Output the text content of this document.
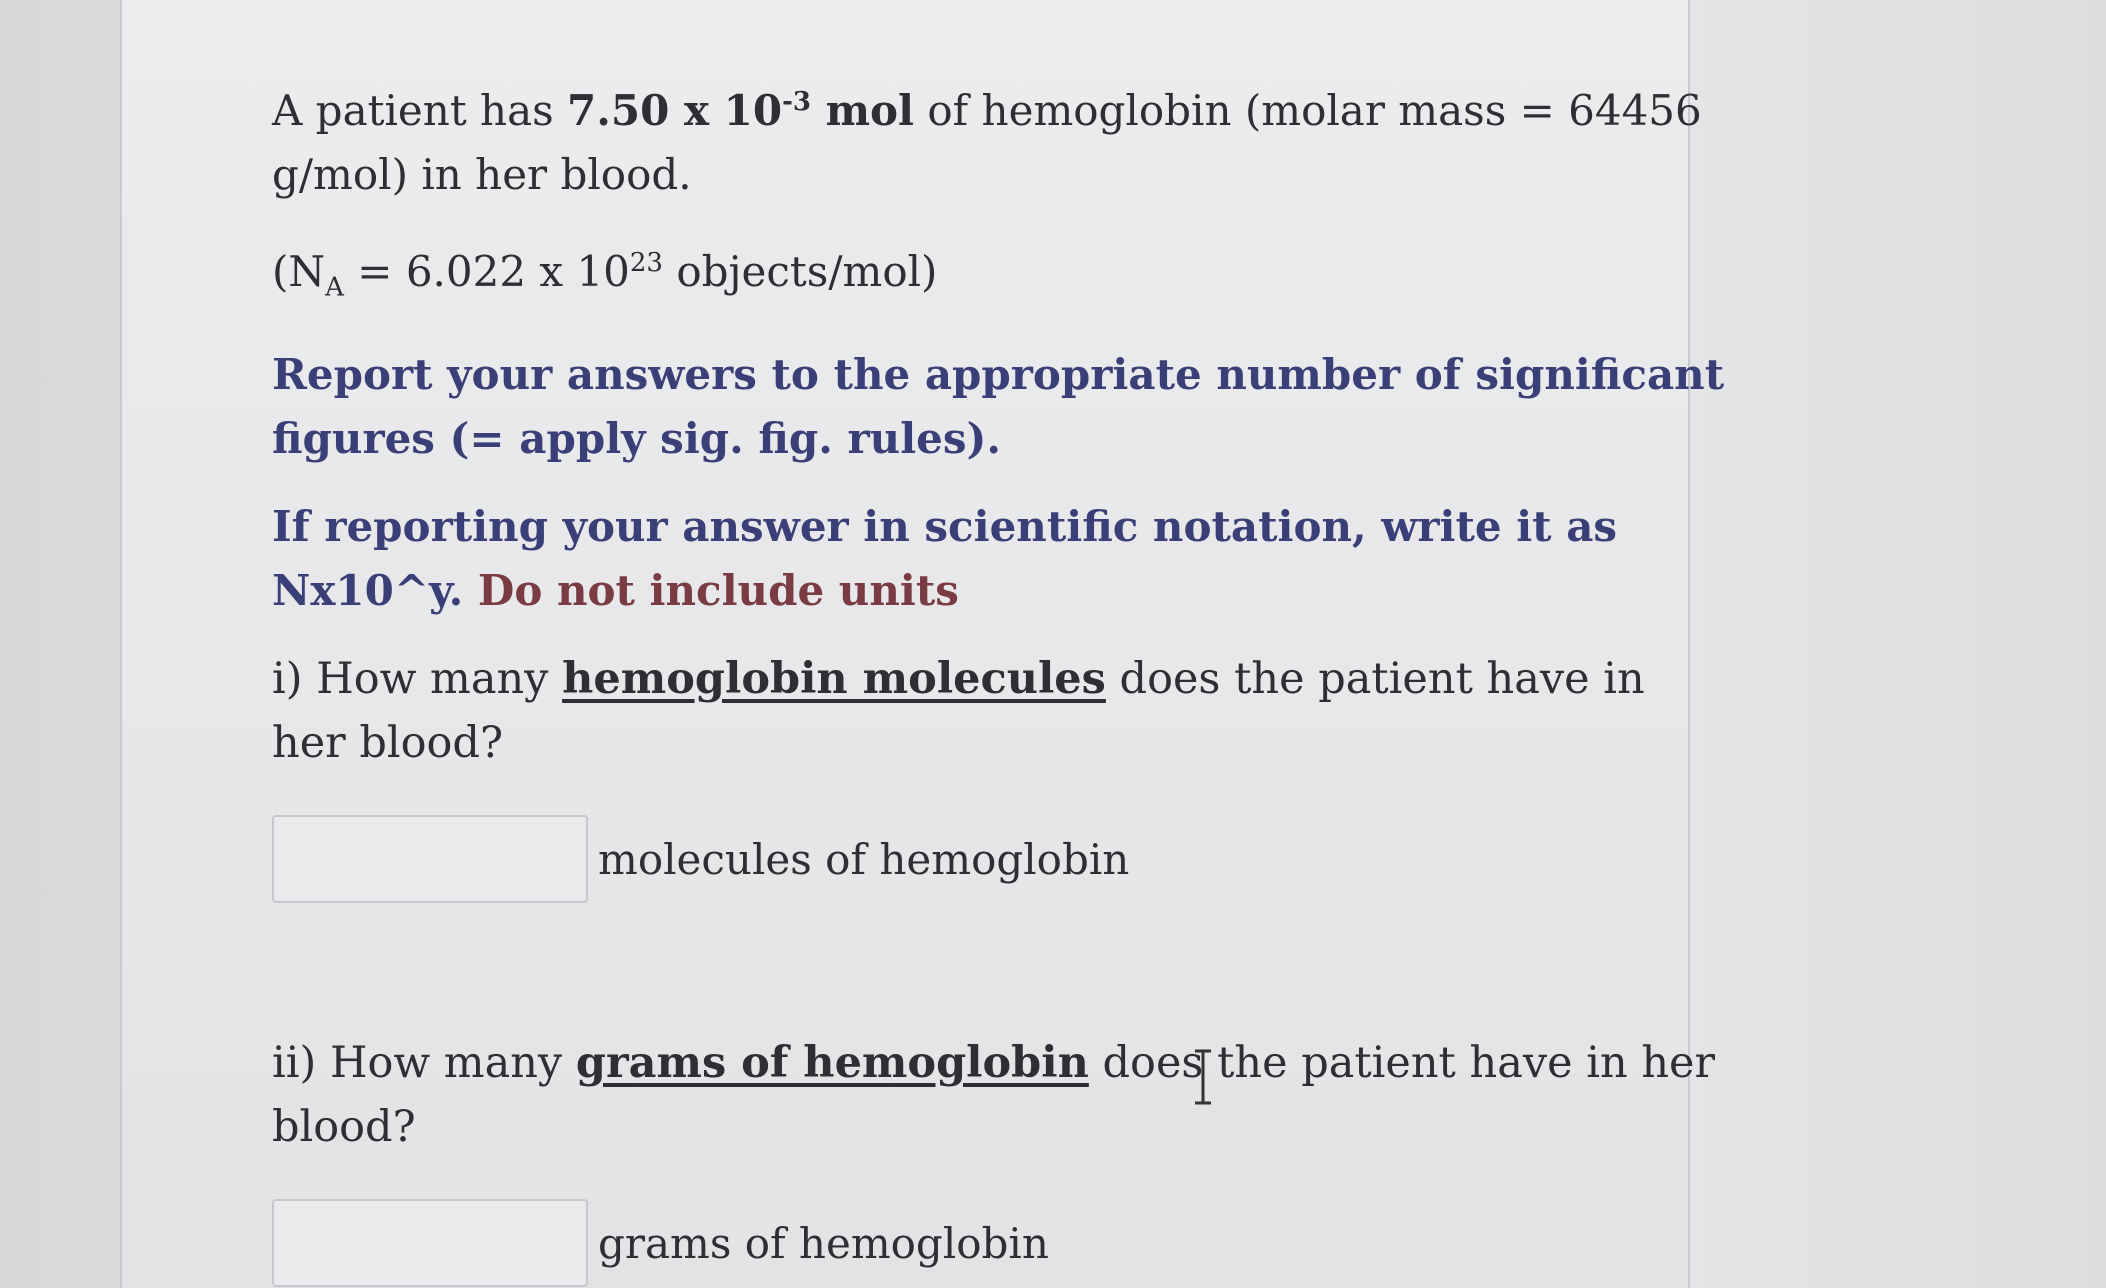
A patient has 7.50 x $10^{-3}$ mol of hemoglobin (molar mass = 64456 g/mol) in her blood.

($N_A = 6.022$ x $10^{23}$ objects/mol)

Report your answers to the appropriate number of significant figures (= apply sig. fig. rules).

If reporting your answer in scientific notation, write it as Nx10^y. Do not include units

i) How many hemoglobin molecules does the patient have in her blood?

molecules of hemoglobin

ii) How many grams of hemoglobin does
the patient have in her blood?

grams of hemoglobin
